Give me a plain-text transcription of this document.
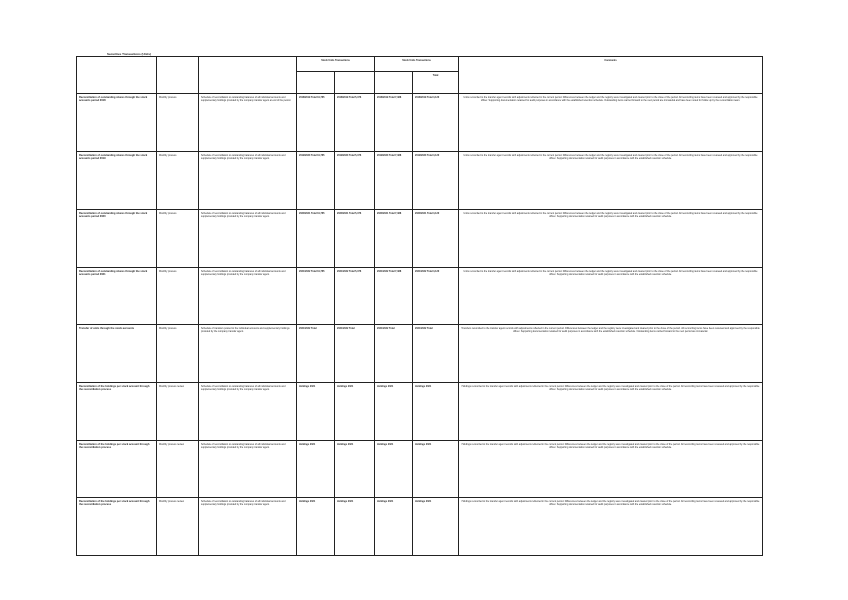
Securities Transactions (Units)
			Stock Units Transactions		Stock Units Transactions		Comments
						Total	
Reconciliation of outstanding shares through the stock accounts period 2018	Monthly process	Schedule of reconciliation to outstanding balances of all individual accounts and supplementary holdings provided by the company transfer agent at end of the period.	2018/2019 Total 31,765	2018/2019 Total 5,476	2018/2019 Total 7,488	2018/2019 Total 4,120	Units reconciled to the transfer agent records with adjustments reflected in the current period. Differences between the ledger and the registry were investigated and cleared prior to the close of the period. All reconciling items have been reviewed and approved by the responsible officer. Supporting documentation retained for audit purposes in accordance with the established retention schedule. Outstanding items carried forward to the next period are immaterial and have been noted for follow up by the reconciliation team.
Reconciliation of outstanding shares through the stock accounts period 2019	Monthly process	Schedule of reconciliation to outstanding balances of all individual accounts and supplementary holdings provided by the company transfer agent.	2019/2020 Total 31,765	2019/2020 Total 5,476	2019/2020 Total 7,488	2019/2020 Total 4,120	Units reconciled to the transfer agent records with adjustments reflected in the current period. Differences between the ledger and the registry were investigated and cleared prior to the close of the period. All reconciling items have been reviewed and approved by the responsible officer. Supporting documentation retained for audit purposes in accordance with the established retention schedule.
Reconciliation of outstanding shares through the stock accounts period 2020	Monthly process	Schedule of reconciliation to outstanding balances of all individual accounts and supplementary holdings provided by the company transfer agent.	2020/2021 Total 31,765	2020/2021 Total 5,476	2020/2021 Total 7,488	2020/2021 Total 4,120	Units reconciled to the transfer agent records with adjustments reflected in the current period. Differences between the ledger and the registry were investigated and cleared prior to the close of the period. All reconciling items have been reviewed and approved by the responsible officer. Supporting documentation retained for audit purposes in accordance with the established retention schedule.
Reconciliation of outstanding shares through the stock accounts period 2021	Monthly process	Schedule of reconciliation to outstanding balances of all individual accounts and supplementary holdings provided by the company transfer agent.	2021/2022 Total 31,765	2021/2022 Total 5,476	2021/2022 Total 7,488	2021/2022 Total 4,120	Units reconciled to the transfer agent records with adjustments reflected in the current period. Differences between the ledger and the registry were investigated and cleared prior to the close of the period. All reconciling items have been reviewed and approved by the responsible officer. Supporting documentation retained for audit purposes in accordance with the established retention schedule.
Transfer of units through the stock accounts	Monthly process	Schedule of transfers posted to the individual accounts and supplementary holdings provided by the company transfer agent.	2021/2022 Total	2021/2022 Total	2021/2022 Total	2021/2022 Total	Transfers reconciled to the transfer agent records with adjustments reflected in the current period. Differences between the ledger and the registry were investigated and cleared prior to the close of the period. All reconciling items have been reviewed and approved by the responsible officer. Supporting documentation retained for audit purposes in accordance with the established retention schedule. Outstanding items carried forward to the next period are immaterial.
Reconciliation of the holdings per stock account through the reconciliation process	Monthly process review	Schedule of reconciliation to outstanding balances of all individual accounts and supplementary holdings provided by the company transfer agent.	Holdings 2021	Holdings 2021	Holdings 2021	Holdings 2021	Holdings reconciled to the transfer agent records with adjustments reflected in the current period. Differences between the ledger and the registry were investigated and cleared prior to the close of the period. All reconciling items have been reviewed and approved by the responsible officer. Supporting documentation retained for audit purposes in accordance with the established retention schedule.
Reconciliation of the holdings per stock account through the reconciliation process	Monthly process review	Schedule of reconciliation to outstanding balances of all individual accounts and supplementary holdings provided by the company transfer agent.	Holdings 2021	Holdings 2021	Holdings 2021	Holdings 2021	Holdings reconciled to the transfer agent records with adjustments reflected in the current period. Differences between the ledger and the registry were investigated and cleared prior to the close of the period. All reconciling items have been reviewed and approved by the responsible officer. Supporting documentation retained for audit purposes in accordance with the established retention schedule.
Reconciliation of the holdings per stock account through the reconciliation process	Monthly process review	Schedule of reconciliation to outstanding balances of all individual accounts and supplementary holdings provided by the company transfer agent.	Holdings 2021	Holdings 2021	Holdings 2021	Holdings 2021	Holdings reconciled to the transfer agent records with adjustments reflected in the current period. Differences between the ledger and the registry were investigated and cleared prior to the close of the period. All reconciling items have been reviewed and approved by the responsible officer. Supporting documentation retained for audit purposes in accordance with the established retention schedule.
